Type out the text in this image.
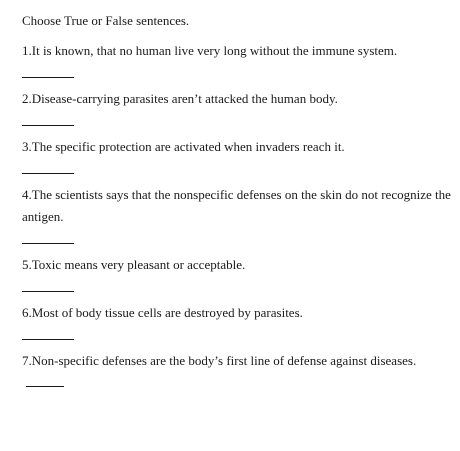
Choose True or False sentences.

1.It is known, that no human live very long without the immune system.
2.Disease-carrying parasites aren’t attacked the human body.
3.The specific protection are activated when invaders reach it.
4.The scientists says that the nonspecific defenses on the skin do not recognize the antigen.
5.Toxic means very pleasant or acceptable.
6.Most of body tissue cells are destroyed by parasites.
7.Non-specific defenses are the body’s first line of defense against diseases.
